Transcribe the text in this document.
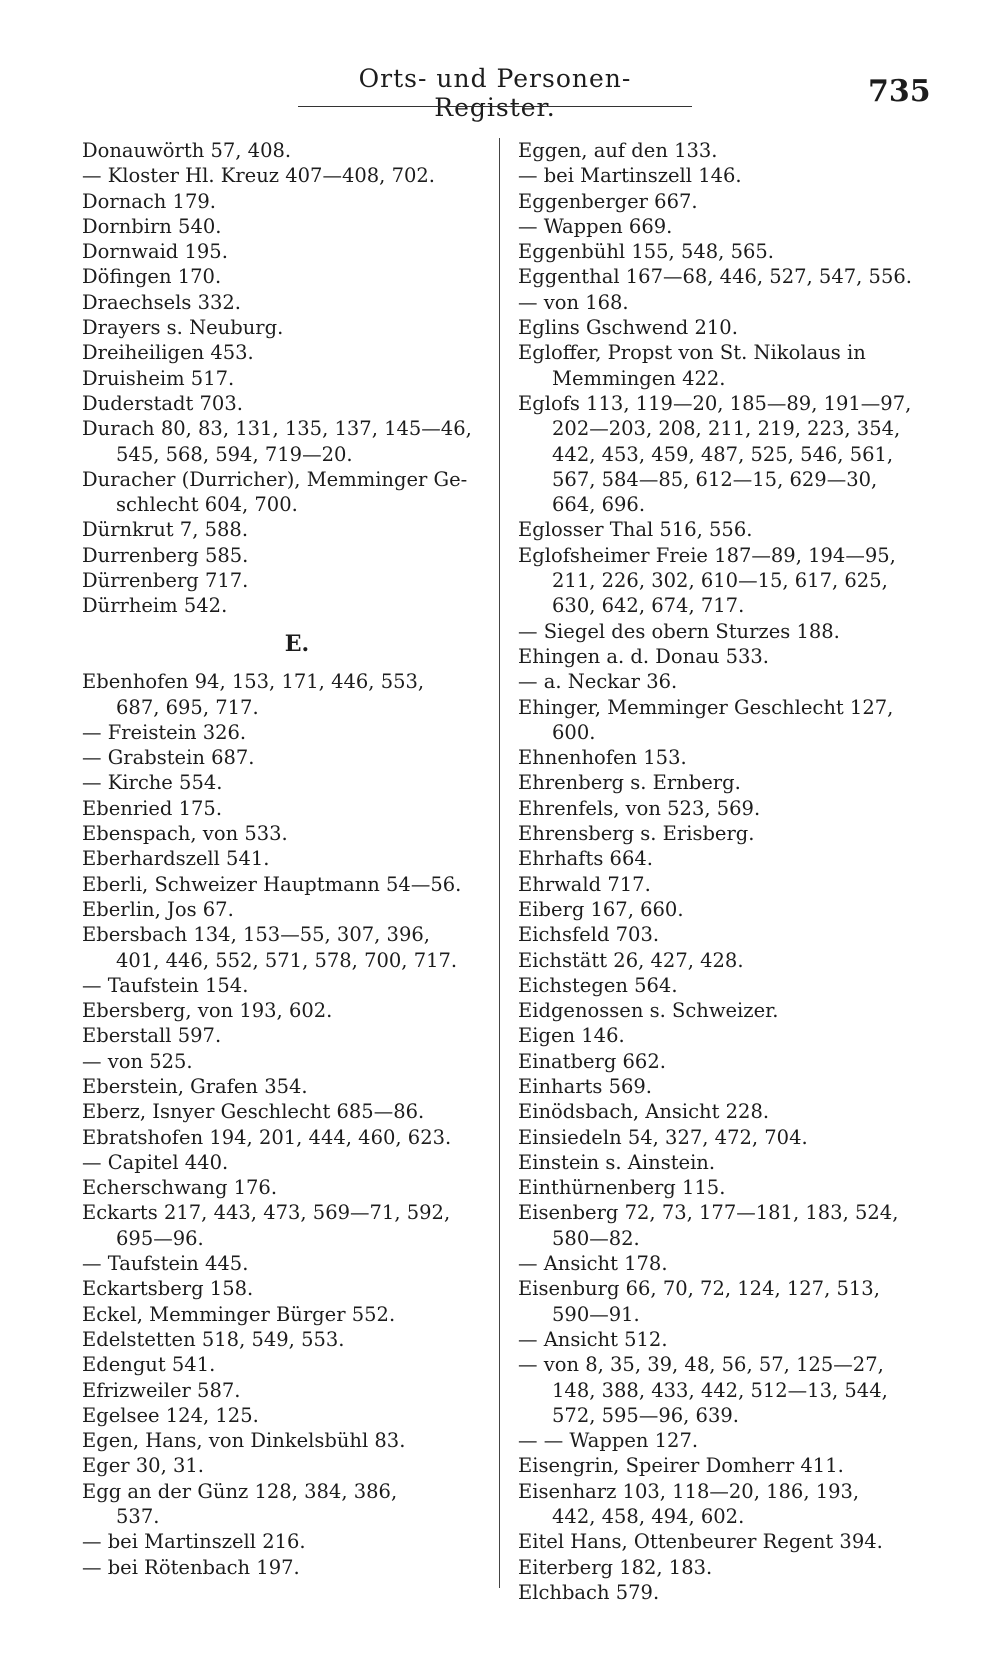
Orts- und Personen-Register.	735
Donauwörth 57, 408.
— Kloster Hl. Kreuz 407—408, 702.
Dornach 179.
Dornbirn 540.
Dornwaid 195.
Döfingen 170.
Draechsels 332.
Drayers s. Neuburg.
Dreiheiligen 453.
Druisheim 517.
Duderstadt 703.
Durach 80, 83, 131, 135, 137, 145—46,
545, 568, 594, 719—20.
Duracher (Durricher), Memminger Ge-
schlecht 604, 700.
Dürnkrut 7, 588.
Durrenberg 585.
Dürrenberg 717.
Dürrheim 542.
E.
Ebenhofen 94, 153, 171, 446, 553,
687, 695, 717.
— Freistein 326.
— Grabstein 687.
— Kirche 554.
Ebenried 175.
Ebenspach, von 533.
Eberhardszell 541.
Eberli, Schweizer Hauptmann 54—56.
Eberlin, Jos 67.
Ebersbach 134, 153—55, 307, 396,
401, 446, 552, 571, 578, 700, 717.
— Taufstein 154.
Ebersberg, von 193, 602.
Eberstall 597.
— von 525.
Eberstein, Grafen 354.
Eberz, Isnyer Geschlecht 685—86.
Ebratshofen 194, 201, 444, 460, 623.
— Capitel 440.
Echerschwang 176.
Eckarts 217, 443, 473, 569—71, 592,
695—96.
— Taufstein 445.
Eckartsberg 158.
Eckel, Memminger Bürger 552.
Edelstetten 518, 549, 553.
Edengut 541.
Efrizweiler 587.
Egelsee 124, 125.
Egen, Hans, von Dinkelsbühl 83.
Eger 30, 31.
Egg an der Günz 128, 384, 386,
537.
— bei Martinszell 216.
— bei Rötenbach 197.
Eggen, auf den 133.
— bei Martinszell 146.
Eggenberger 667.
— Wappen 669.
Eggenbühl 155, 548, 565.
Eggenthal 167—68, 446, 527, 547, 556.
— von 168.
Eglins Gschwend 210.
Egloffer, Propst von St. Nikolaus in
Memmingen 422.
Eglofs 113, 119—20, 185—89, 191—97,
202—203, 208, 211, 219, 223, 354,
442, 453, 459, 487, 525, 546, 561,
567, 584—85, 612—15, 629—30,
664, 696.
Eglosser Thal 516, 556.
Eglofsheimer Freie 187—89, 194—95,
211, 226, 302, 610—15, 617, 625,
630, 642, 674, 717.
— Siegel des obern Sturzes 188.
Ehingen a. d. Donau 533.
— a. Neckar 36.
Ehinger, Memminger Geschlecht 127,
600.
Ehnenhofen 153.
Ehrenberg s. Ernberg.
Ehrenfels, von 523, 569.
Ehrensberg s. Erisberg.
Ehrhafts 664.
Ehrwald 717.
Eiberg 167, 660.
Eichsfeld 703.
Eichstätt 26, 427, 428.
Eichstegen 564.
Eidgenossen s. Schweizer.
Eigen 146.
Einatberg 662.
Einharts 569.
Einödsbach, Ansicht 228.
Einsiedeln 54, 327, 472, 704.
Einstein s. Ainstein.
Einthürnenberg 115.
Eisenberg 72, 73, 177—181, 183, 524,
580—82.
— Ansicht 178.
Eisenburg 66, 70, 72, 124, 127, 513,
590—91.
— Ansicht 512.
— von 8, 35, 39, 48, 56, 57, 125—27,
148, 388, 433, 442, 512—13, 544,
572, 595—96, 639.
— — Wappen 127.
Eisengrin, Speirer Domherr 411.
Eisenharz 103, 118—20, 186, 193,
442, 458, 494, 602.
Eitel Hans, Ottenbeurer Regent 394.
Eiterberg 182, 183.
Elchbach 579.
